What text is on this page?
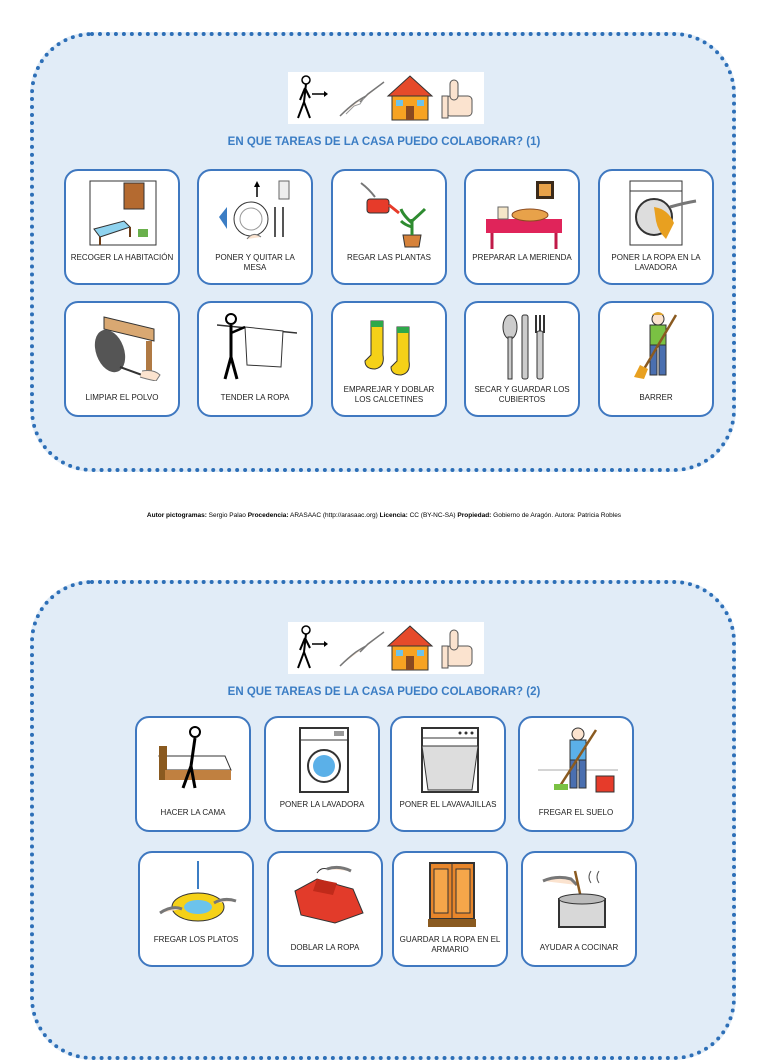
EN QUE TAREAS DE LA CASA PUEDO COLABORAR? (1)
RECOGER LA HABITACIÓN	PONER Y QUITAR LA MESA
REGAR LAS PLANTAS	PREPARAR LA MERIENDA	PONER LA ROPA EN LA LAVADORA
LIMPIAR EL POLVO	TENDER LA ROPA
EMPAREJAR Y DOBLAR LOS CALCETINES
SECAR Y GUARDAR LOS CUBIERTOS	BARRER
Autor pictogramas: Sergio Palao Procedencia: ARASAAC (http://arasaac.org) Licencia: CC (BY-NC-SA) Propiedad: Gobierno de Aragón. Autora: Patricia Robles
EN QUE TAREAS DE LA CASA PUEDO COLABORAR? (2)
HACER LA CAMA
PONER LA LAVADORA	PONER EL LAVAVAJILLAS
FREGAR EL SUELO
FREGAR LOS PLATOS
DOBLAR LA ROPA
GUARDAR LA ROPA EN EL ARMARIO	AYUDAR A COCINAR
